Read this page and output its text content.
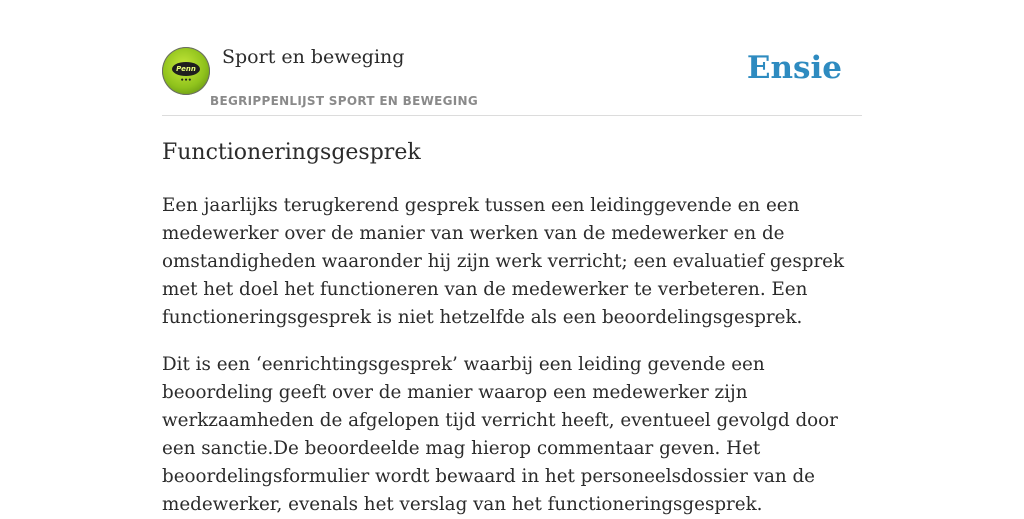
Penn
•••
Sport en beweging
BEGRIPPENLIJST SPORT EN BEWEGING
Ensie
Functioneringsgesprek

Een jaarlijks terugkerend gesprek tussen een leidinggevende en een medewerker over de manier van werken van de medewerker en de omstandigheden waaronder hij zijn werk verricht; een evaluatief gesprek met het doel het functioneren van de medewerker te verbeteren. Een functioneringsgesprek is niet hetzelfde als een beoordelingsgesprek.

Dit is een ‘eenrichtingsgesprek’ waarbij een leiding gevende een beoordeling geeft over de manier waarop een medewerker zijn werkzaamheden de afgelopen tijd verricht heeft, eventueel gevolgd door een sanctie.De beoordeelde mag hierop commentaar geven. Het beoordelingsformulier wordt bewaard in het personeelsdossier van de medewerker, evenals het verslag van het functioneringsgesprek.
